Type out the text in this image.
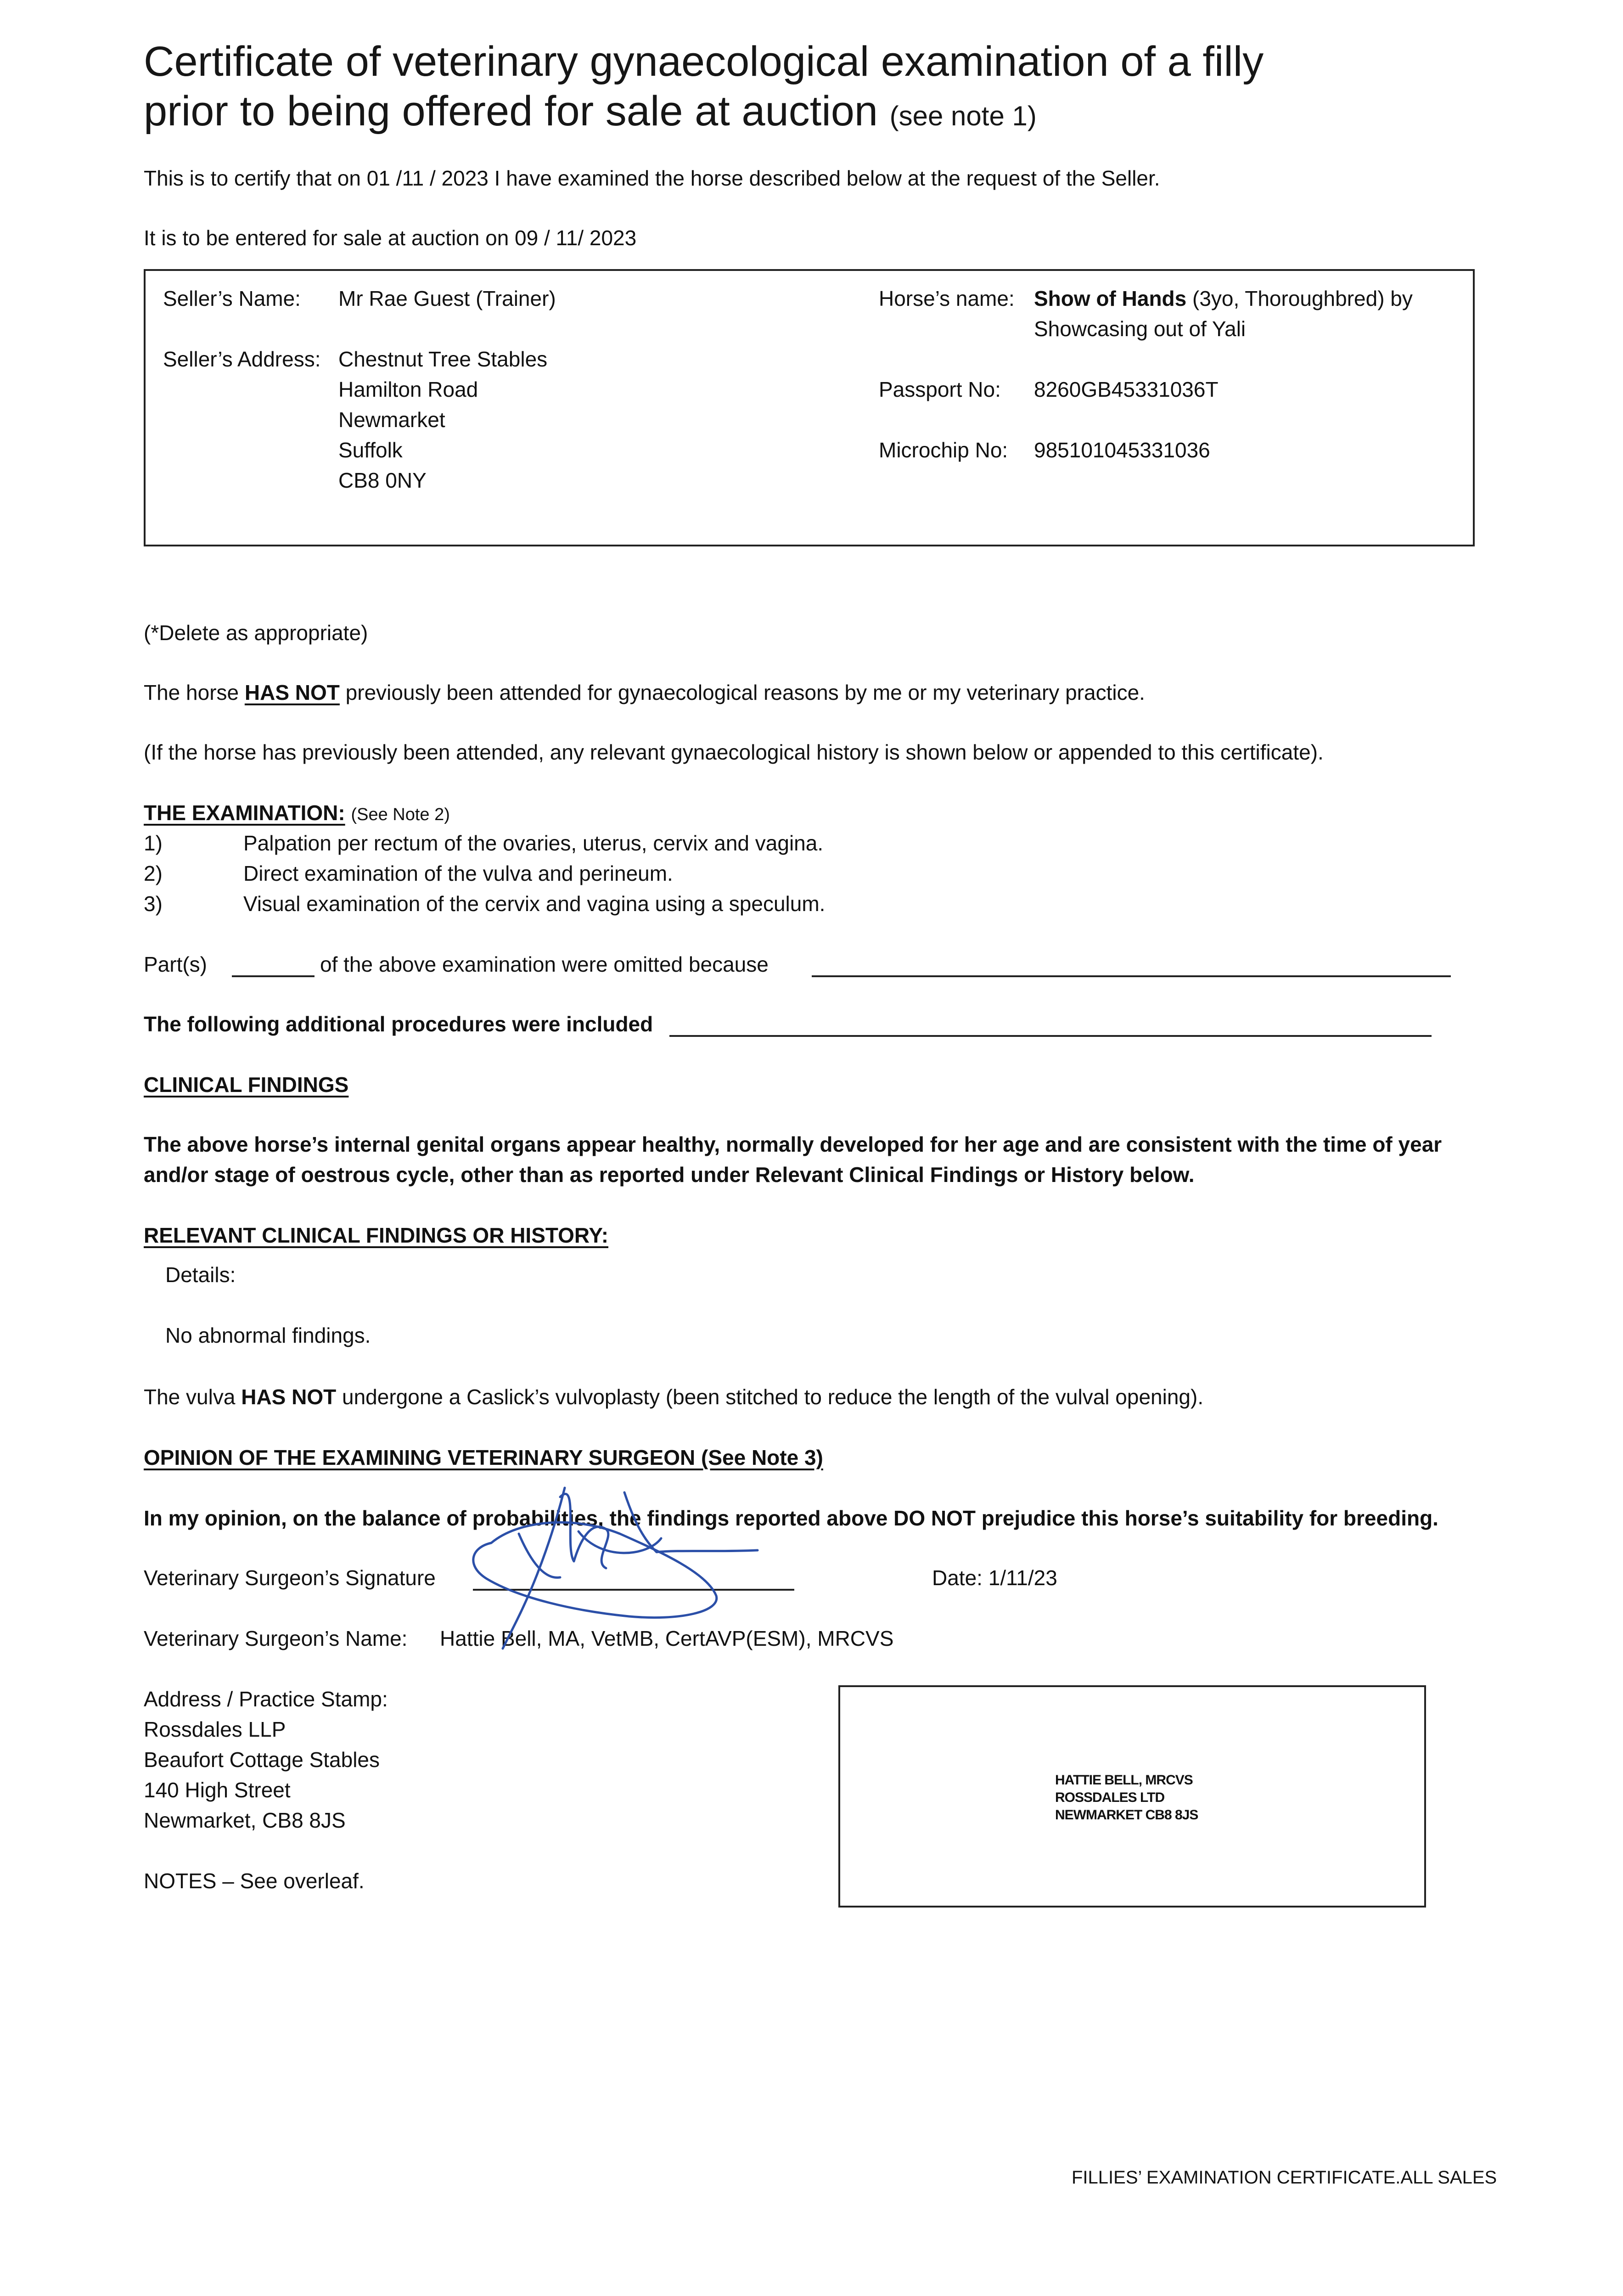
Certificate of veterinary gynaecological examination of a filly
prior to being offered for sale at auction (see note 1)
This is to certify that on 01 /11 / 2023 I have examined the horse described below at the request of the Seller.
It is to be entered for sale at auction on 09 / 11/ 2023
Seller’s Name: Mr Rae Guest (Trainer)
Seller’s Address: Chestnut Tree Stables
Hamilton Road
Newmarket
Suffolk
CB8 0NY
Horse’s name: Show of Hands (3yo, Thoroughbred) by
Showcasing out of Yali
Passport No: 8260GB45331036T
Microchip No: 985101045331036
(*Delete as appropriate)
The horse HAS NOT previously been attended for gynaecological reasons by me or my veterinary practice.
(If the horse has previously been attended, any relevant gynaecological history is shown below or appended to this certificate).
THE EXAMINATION: (See Note 2)
1)	Palpation per rectum of the ovaries, uterus, cervix and vagina.
2)	Direct examination of the vulva and perineum.
3)	Visual examination of the cervix and vagina using a speculum.
Part(s)	of the above examination were omitted because
The following additional procedures were included
CLINICAL FINDINGS
The above horse’s internal genital organs appear healthy, normally developed for her age and are consistent with the time of year
and/or stage of oestrous cycle, other than as reported under Relevant Clinical Findings or History below.
RELEVANT CLINICAL FINDINGS OR HISTORY:
Details:
No abnormal findings.
The vulva HAS NOT undergone a Caslick’s vulvoplasty (been stitched to reduce the length of the vulval opening).
OPINION OF THE EXAMINING VETERINARY SURGEON (See Note 3)
In my opinion, on the balance of probabilities, the findings reported above DO NOT prejudice this horse’s suitability for breeding.
Veterinary Surgeon’s Signature	Date: 1/11/23
Veterinary Surgeon’s Name: Hattie Bell, MA, VetMB, CertAVP(ESM), MRCVS
Address / Practice Stamp:
Rossdales LLP
Beaufort Cottage Stables
140 High Street
Newmarket, CB8 8JS
HATTIE BELL, MRCVS
ROSSDALES LTD
NEWMARKET CB8 8JS
NOTES – See overleaf.
FILLIES’ EXAMINATION CERTIFICATE.ALL SALES
